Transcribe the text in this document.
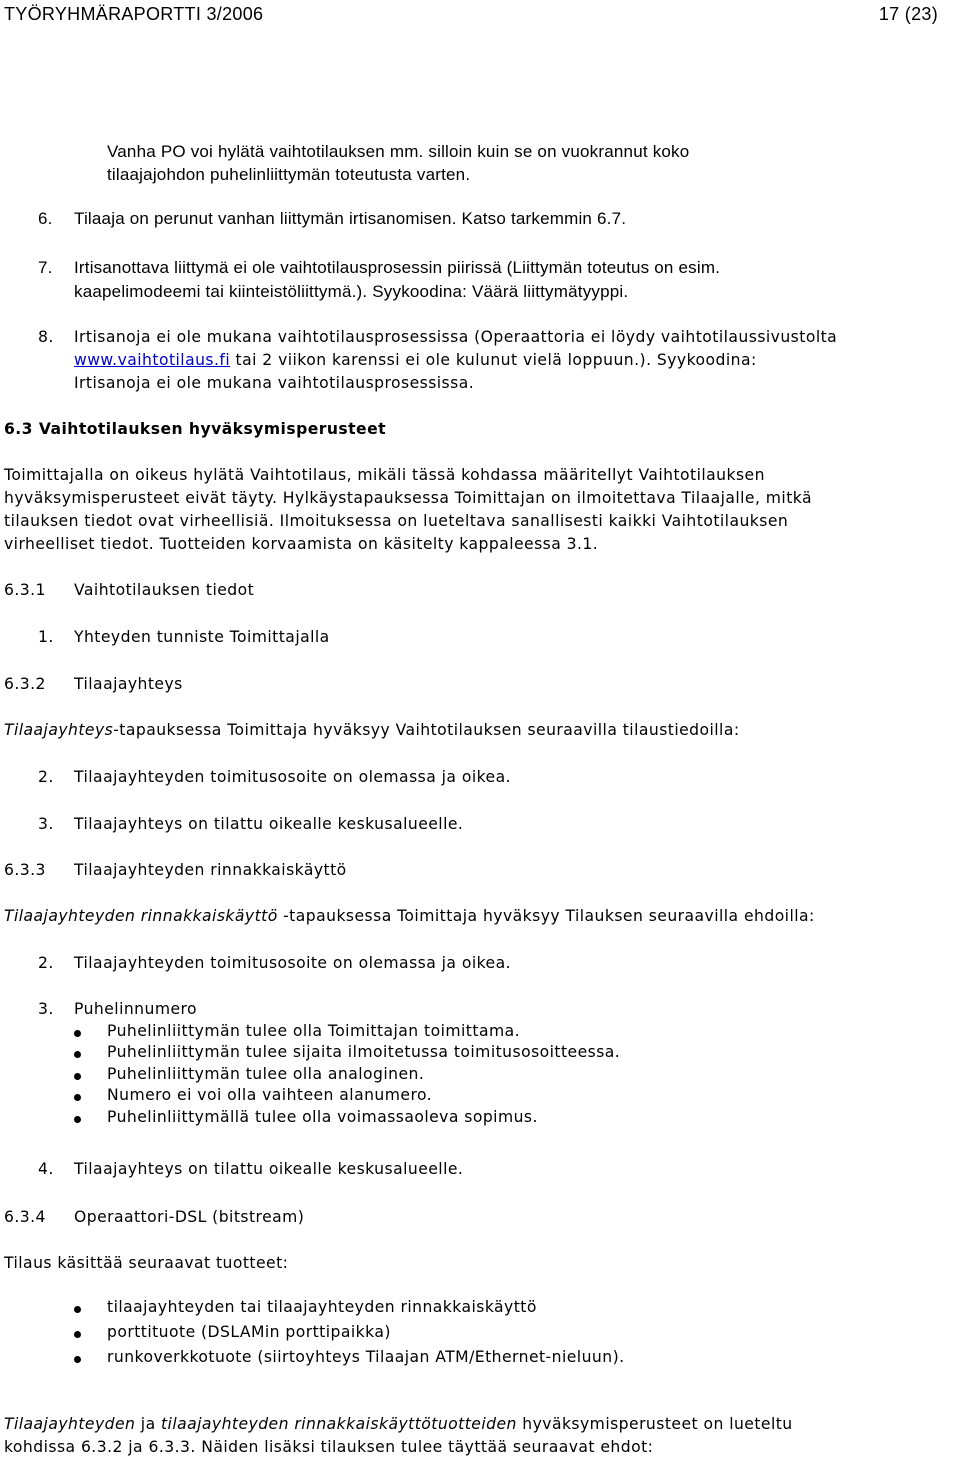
TYÖRYHMÄRAPORTTI 3/2006	17 (23)

Vanha PO voi hylätä vaihtotilauksen mm. silloin kuin se on vuokrannut koko

tilaajajohdon puhelinliittymän toteutusta varten.

6. Tilaaja on perunut vanhan liittymän irtisanomisen. Katso tarkemmin 6.7.

7. Irtisanottava liittymä ei ole vaihtotilausprosessin piirissä (Liittymän toteutus on esim.

kaapelimodeemi tai kiinteistöliittymä.). Syykoodina: Väärä liittymätyyppi.

8. Irtisanoja ei ole mukana vaihtotilausprosessissa (Operaattoria ei löydy vaihtotilaussivustolta

www.vaihtotilaus.fi tai 2 viikon karenssi ei ole kulunut vielä loppuun.). Syykoodina:

Irtisanoja ei ole mukana vaihtotilausprosessissa.

6.3 Vaihtotilauksen hyväksymisperusteet

Toimittajalla on oikeus hylätä Vaihtotilaus, mikäli tässä kohdassa määritellyt Vaihtotilauksen

hyväksymisperusteet eivät täyty. Hylkäystapauksessa Toimittajan on ilmoitettava Tilaajalle, mitkä

tilauksen tiedot ovat virheellisiä. Ilmoituksessa on lueteltava sanallisesti kaikki Vaihtotilauksen

virheelliset tiedot. Tuotteiden korvaamista on käsitelty kappaleessa 3.1.

6.3.1 Vaihtotilauksen tiedot

1. Yhteyden tunniste Toimittajalla

6.3.2 Tilaajayhteys

Tilaajayhteys-tapauksessa Toimittaja hyväksyy Vaihtotilauksen seuraavilla tilaustiedoilla:

2. Tilaajayhteyden toimitusosoite on olemassa ja oikea.

3. Tilaajayhteys on tilattu oikealle keskusalueelle.

6.3.3 Tilaajayhteyden rinnakkaiskäyttö

Tilaajayhteyden rinnakkaiskäyttö -tapauksessa Toimittaja hyväksyy Tilauksen seuraavilla ehdoilla:

2. Tilaajayhteyden toimitusosoite on olemassa ja oikea.

3. Puhelinnumero

Puhelinliittymän tulee olla Toimittajan toimittama.

Puhelinliittymän tulee sijaita ilmoitetussa toimitusosoitteessa.

Puhelinliittymän tulee olla analoginen.

Numero ei voi olla vaihteen alanumero.

Puhelinliittymällä tulee olla voimassaoleva sopimus.

4. Tilaajayhteys on tilattu oikealle keskusalueelle.

6.3.4 Operaattori-DSL (bitstream)

Tilaus käsittää seuraavat tuotteet:

tilaajayhteyden tai tilaajayhteyden rinnakkaiskäyttö

porttituote (DSLAMin porttipaikka)

runkoverkkotuote (siirtoyhteys Tilaajan ATM/Ethernet-nieluun).

Tilaajayhteyden ja tilaajayhteyden rinnakkaiskäyttötuotteiden hyväksymisperusteet on lueteltu

kohdissa 6.3.2 ja 6.3.3. Näiden lisäksi tilauksen tulee täyttää seuraavat ehdot:
